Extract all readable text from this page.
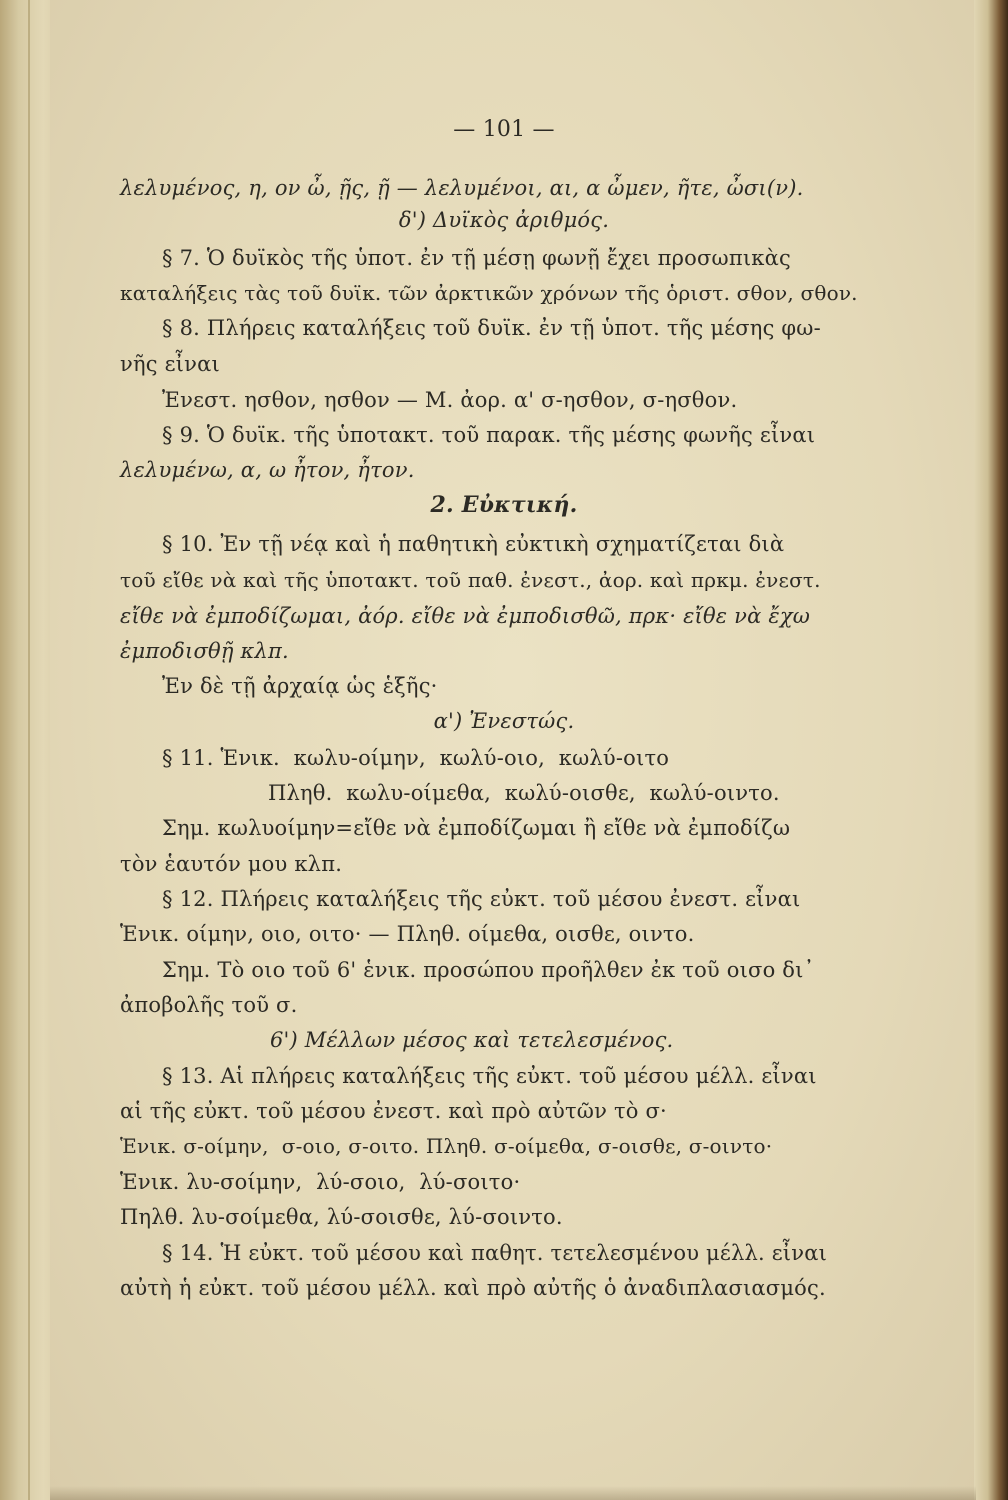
— 101 —
λελυμένος, η, ον ὦ, ῇς, ῇ — λελυμένοι, αι, α ὦμεν, ῆτε, ὦσι(ν).
δ') Δυϊκὸς ἀριθμός.
§ 7. Ὁ δυϊκὸς τῆς ὑποτ. ἐν τῇ μέσῃ φωνῇ ἔχει προσωπικὰς
καταλήξεις τὰς τοῦ δυϊκ. τῶν ἀρκτικῶν χρόνων τῆς ὁριστ. σθον, σθον.
§ 8. Πλήρεις καταλήξεις τοῦ δυϊκ. ἐν τῇ ὑποτ. τῆς μέσης φω-
νῆς εἶναι
Ἐνεστ. ησθον, ησθον — Μ. ἀορ. α' σ-ησθον, σ-ησθον.
§ 9. Ὁ δυϊκ. τῆς ὑποτακτ. τοῦ παρακ. τῆς μέσης φωνῆς εἶναι
λελυμένω, α, ω ἦτον, ἦτον.
2. Εὐκτική.
§ 10. Ἐν τῇ νέᾳ καὶ ἡ παθητικὴ εὐκτικὴ σχηματίζεται διὰ
τοῦ εἴθε νὰ καὶ τῆς ὑποτακτ. τοῦ παθ. ἐνεστ., ἀορ. καὶ πρκμ. ἐνεστ.
εἴθε νὰ ἐμποδίζωμαι, ἀόρ. εἴθε νὰ ἐμποδισθῶ, πρκ· εἴθε νὰ ἔχω
ἐμποδισθῇ κλπ.
Ἐν δὲ τῇ ἀρχαίᾳ ὡς ἑξῆς·
α') Ἐνεστώς.
§ 11. Ἑνικ.  κωλυ-οίμην,  κωλύ-οιο,  κωλύ-οιτο
Πληθ.  κωλυ-οίμεθα,  κωλύ-οισθε,  κωλύ-οιντο.
Σημ. κωλυοίμην=εἴθε νὰ ἐμποδίζωμαι ἢ εἴθε νὰ ἐμποδίζω
τὸν ἑαυτόν μου κλπ.
§ 12. Πλήρεις καταλήξεις τῆς εὐκτ. τοῦ μέσου ἐνεστ. εἶναι
Ἑνικ. οίμην, οιο, οιτο· — Πληθ. οίμεθα, οισθε, οιντο.
Σημ. Τὸ οιο τοῦ 6' ἑνικ. προσώπου προῆλθεν ἐκ τοῦ οισο δι᾽
ἀποβολῆς τοῦ σ.
6') Μέλλων μέσος καὶ τετελεσμένος.
§ 13. Αἱ πλήρεις καταλήξεις τῆς εὐκτ. τοῦ μέσου μέλλ. εἶναι
αἱ τῆς εὐκτ. τοῦ μέσου ἐνεστ. καὶ πρὸ αὐτῶν τὸ σ·
Ἑνικ. σ-οίμην,  σ-οιο, σ-οιτο. Πληθ. σ-οίμεθα, σ-οισθε, σ-οιντο·
Ἑνικ. λυ-σοίμην,  λύ-σοιο,  λύ-σοιτο·
Πηλθ. λυ-σοίμεθα, λύ-σοισθε, λύ-σοιντο.
§ 14. Ἡ εὐκτ. τοῦ μέσου καὶ παθητ. τετελεσμένου μέλλ. εἶναι
αὐτὴ ἡ εὐκτ. τοῦ μέσου μέλλ. καὶ πρὸ αὐτῆς ὁ ἀναδιπλασιασμός.
